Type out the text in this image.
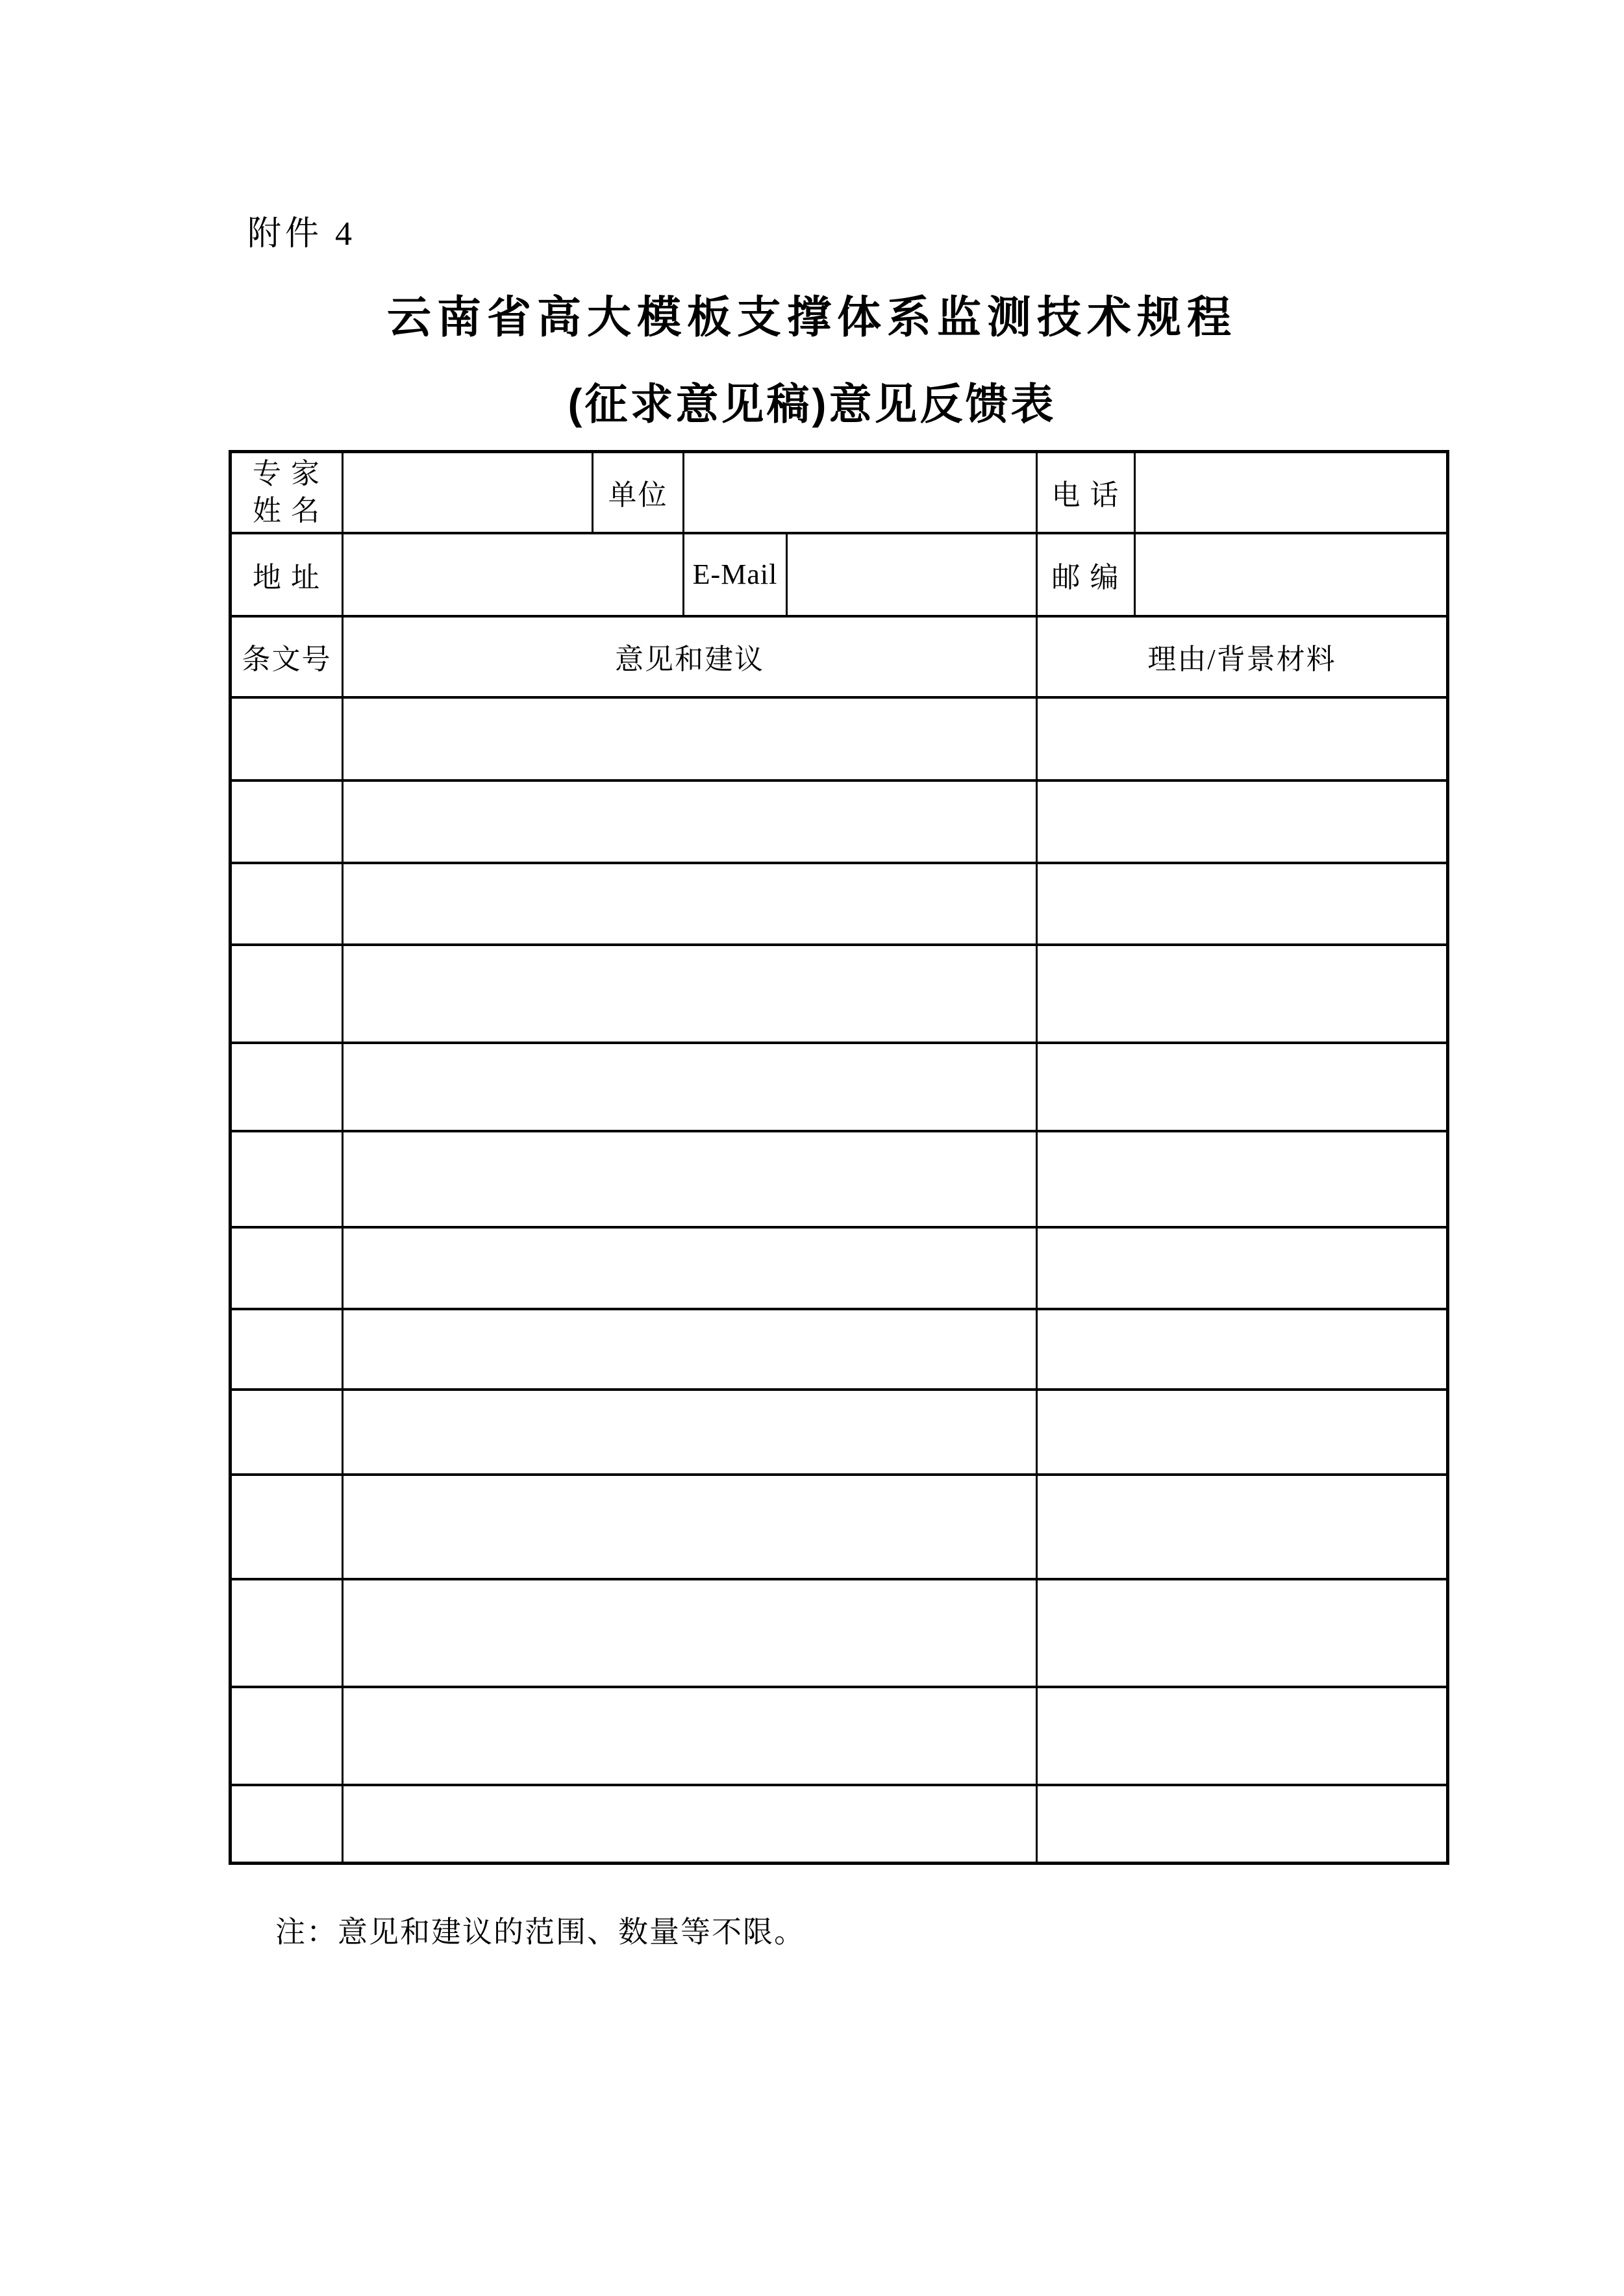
附件 4
云南省高大模板支撑体系监测技术规程
(征求意见稿)意见反馈表
专 家
姓 名		单位			电 话	
地 址			E-Mail		邮 编	
条文号	意见和建议				理由/背景材料	

注：意见和建议的范围、数量等不限。
